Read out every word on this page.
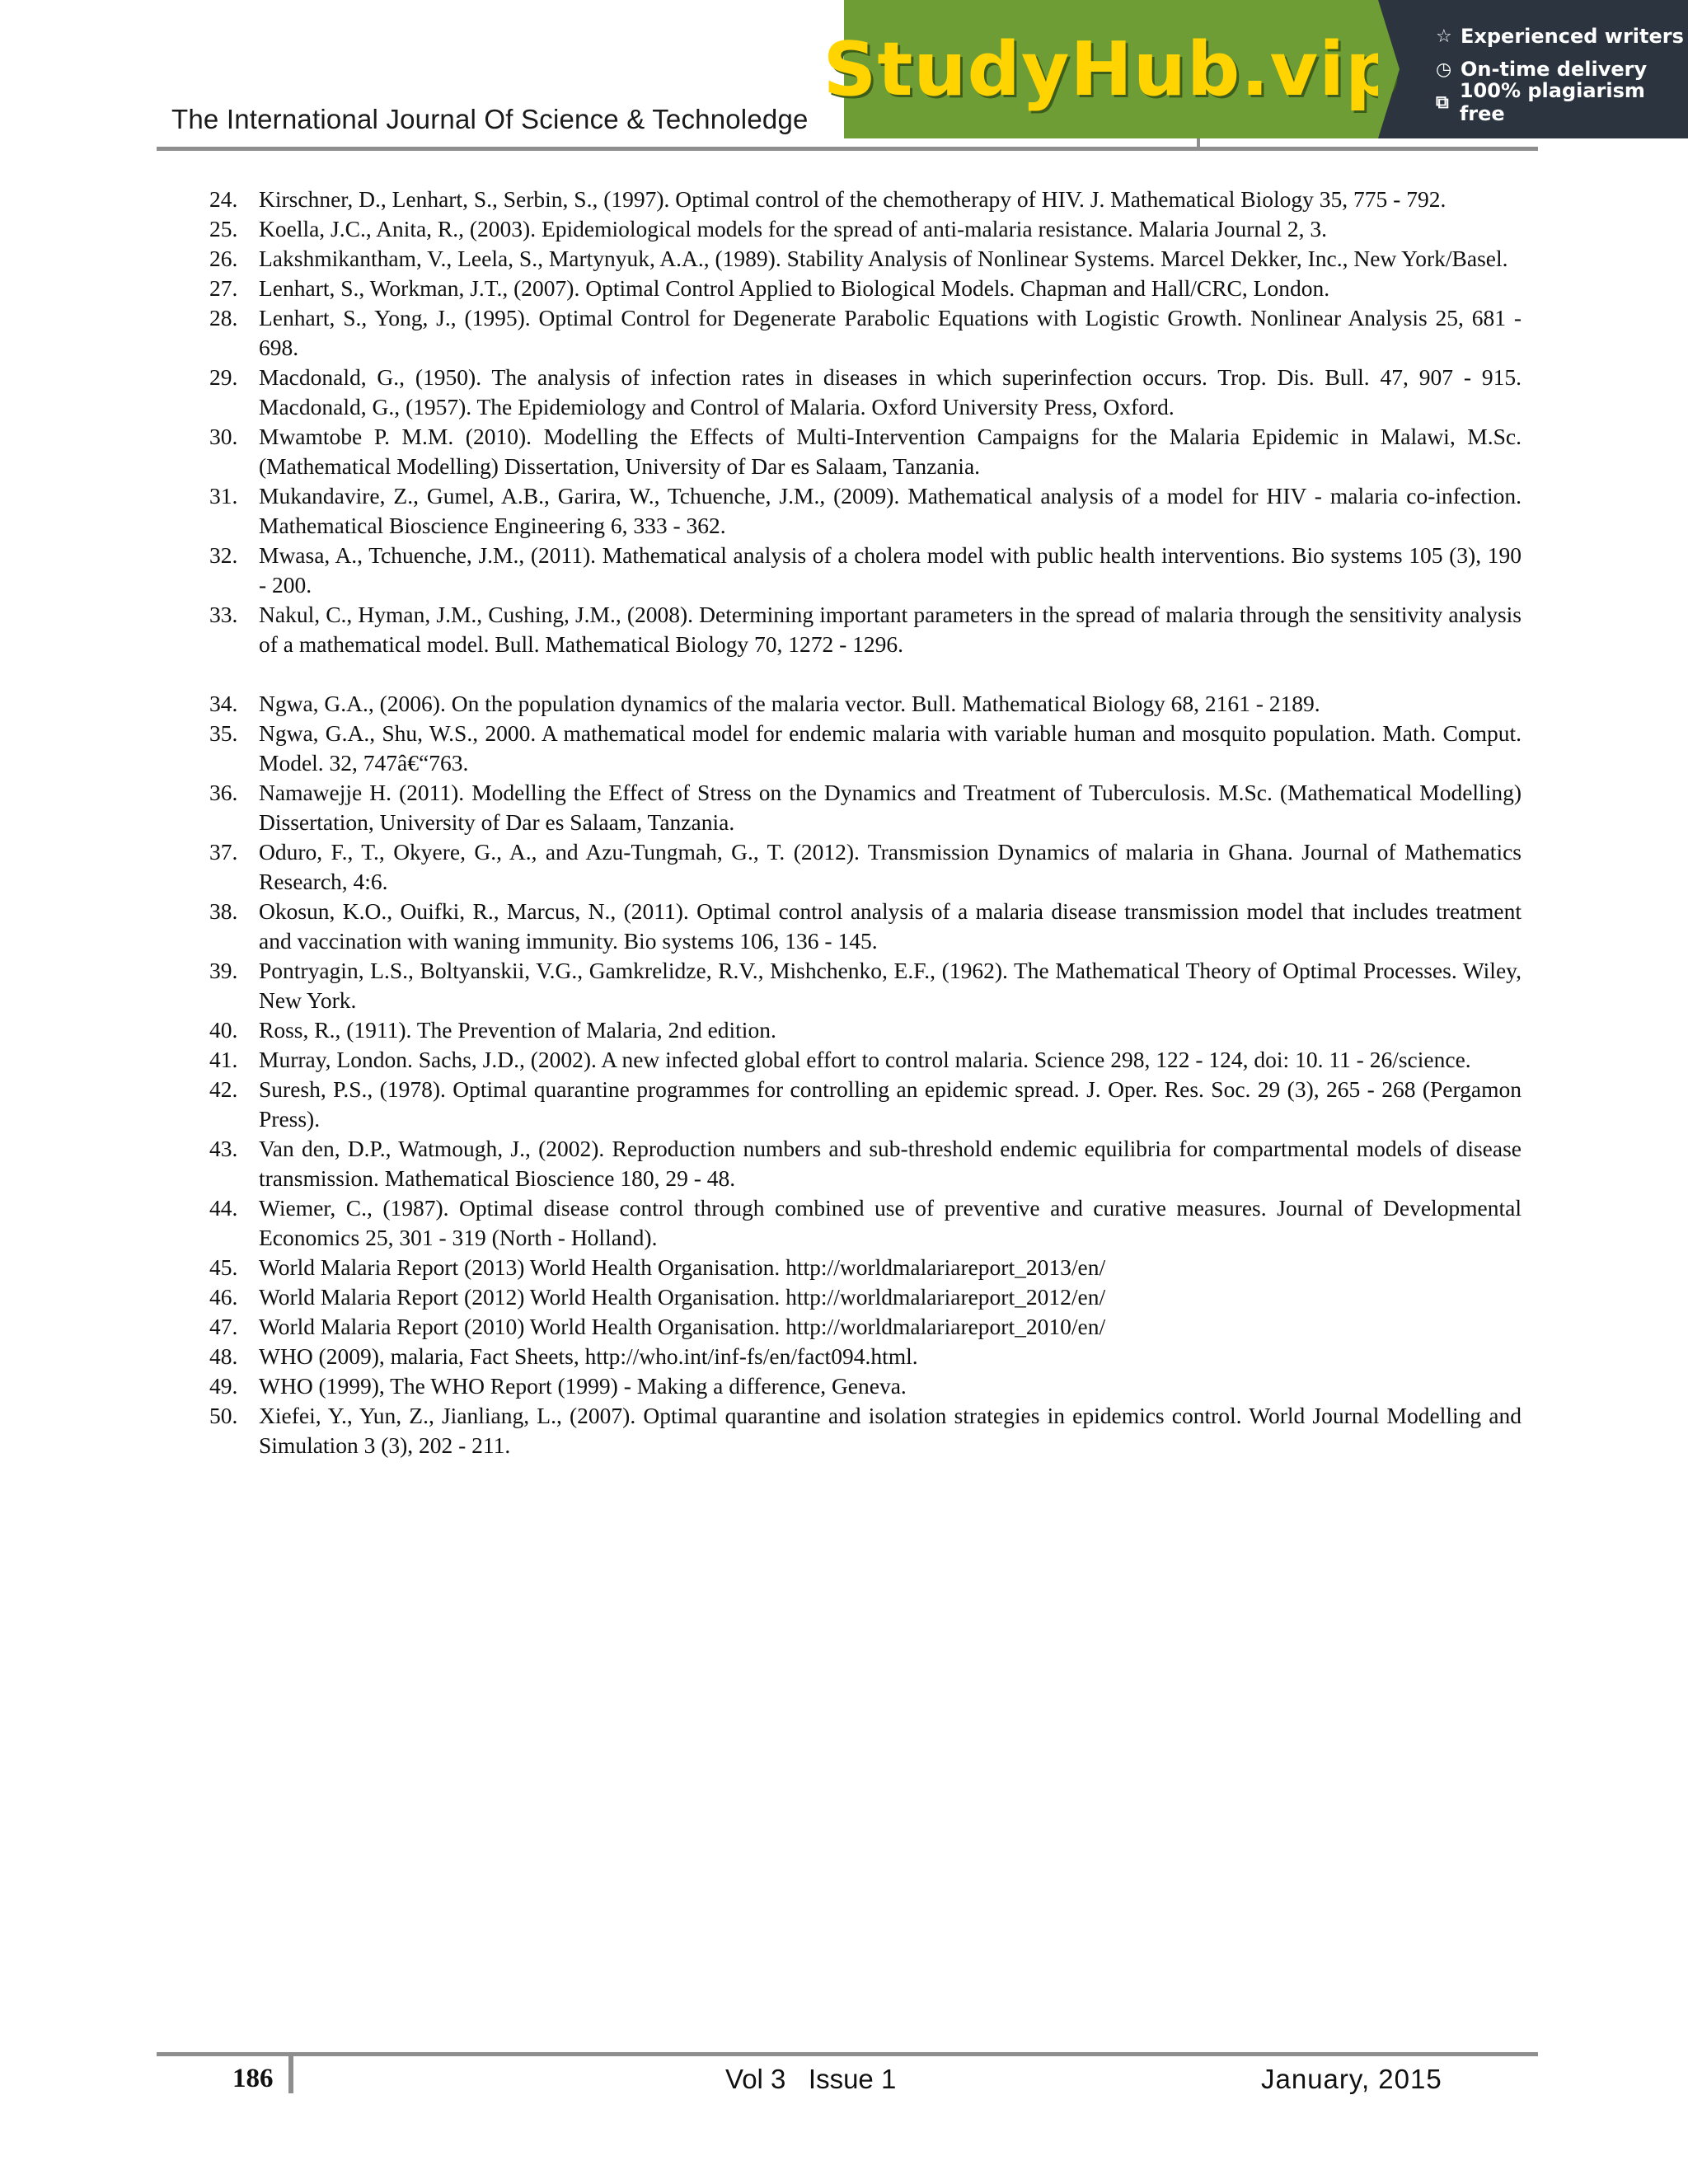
The International Journal Of Science & Technoledge
StudyHub.vip ☆ Experienced writers
◷ On-time delivery
⧉ 100% plagiarism free
24. Kirschner, D., Lenhart, S., Serbin, S., (1997). Optimal control of the chemotherapy of HIV. J. Mathematical Biology 35, 775 - 792.
25. Koella, J.C., Anita, R., (2003). Epidemiological models for the spread of anti-malaria resistance. Malaria Journal 2, 3.
26. Lakshmikantham, V., Leela, S., Martynyuk, A.A., (1989). Stability Analysis of Nonlinear Systems. Marcel Dekker, Inc., New York/Basel.
27. Lenhart, S., Workman, J.T., (2007). Optimal Control Applied to Biological Models. Chapman and Hall/CRC, London.
28. Lenhart, S., Yong, J., (1995). Optimal Control for Degenerate Parabolic Equations with Logistic Growth. Nonlinear Analysis 25, 681 - 698.
29. Macdonald, G., (1950). The analysis of infection rates in diseases in which superinfection occurs. Trop. Dis. Bull. 47, 907 - 915. Macdonald, G., (1957). The Epidemiology and Control of Malaria. Oxford University Press, Oxford.
30. Mwamtobe P. M.M. (2010). Modelling the Effects of Multi-Intervention Campaigns for the Malaria Epidemic in Malawi, M.Sc. (Mathematical Modelling) Dissertation, University of Dar es Salaam, Tanzania.
31. Mukandavire, Z., Gumel, A.B., Garira, W., Tchuenche, J.M., (2009). Mathematical analysis of a model for HIV - malaria co-infection. Mathematical Bioscience Engineering 6, 333 - 362.
32. Mwasa, A., Tchuenche, J.M., (2011). Mathematical analysis of a cholera model with public health interventions. Bio systems 105 (3), 190 - 200.
33. Nakul, C., Hyman, J.M., Cushing, J.M., (2008). Determining important parameters in the spread of malaria through the sensitivity analysis of a mathematical model. Bull. Mathematical Biology 70, 1272 - 1296.
34. Ngwa, G.A., (2006). On the population dynamics of the malaria vector. Bull. Mathematical Biology 68, 2161 - 2189.
35. Ngwa, G.A., Shu, W.S., 2000. A mathematical model for endemic malaria with variable human and mosquito population. Math. Comput. Model. 32, 747â€“763.
36. Namawejje H. (2011). Modelling the Effect of Stress on the Dynamics and Treatment of Tuberculosis. M.Sc. (Mathematical Modelling) Dissertation, University of Dar es Salaam, Tanzania.
37. Oduro, F., T., Okyere, G., A., and Azu-Tungmah, G., T. (2012). Transmission Dynamics of malaria in Ghana. Journal of Mathematics Research, 4:6.
38. Okosun, K.O., Ouifki, R., Marcus, N., (2011). Optimal control analysis of a malaria disease transmission model that includes treatment and vaccination with waning immunity. Bio systems 106, 136 - 145.
39. Pontryagin, L.S., Boltyanskii, V.G., Gamkrelidze, R.V., Mishchenko, E.F., (1962). The Mathematical Theory of Optimal Processes. Wiley, New York.
40. Ross, R., (1911). The Prevention of Malaria, 2nd edition.
41. Murray, London. Sachs, J.D., (2002). A new infected global effort to control malaria. Science 298, 122 - 124, doi: 10. 11 - 26/science.
42. Suresh, P.S., (1978). Optimal quarantine programmes for controlling an epidemic spread. J. Oper. Res. Soc. 29 (3), 265 - 268 (Pergamon Press).
43. Van den, D.P., Watmough, J., (2002). Reproduction numbers and sub-threshold endemic equilibria for compartmental models of disease transmission. Mathematical Bioscience 180, 29 - 48.
44. Wiemer, C., (1987). Optimal disease control through combined use of preventive and curative measures. Journal of Developmental Economics 25, 301 - 319 (North - Holland).
45. World Malaria Report (2013) World Health Organisation. http://worldmalariareport_2013/en/
46. World Malaria Report (2012) World Health Organisation. http://worldmalariareport_2012/en/
47. World Malaria Report (2010) World Health Organisation. http://worldmalariareport_2010/en/
48. WHO (2009), malaria, Fact Sheets, http://who.int/inf-fs/en/fact094.html.
49. WHO (1999), The WHO Report (1999) - Making a difference, Geneva.
50. Xiefei, Y., Yun, Z., Jianliang, L., (2007). Optimal quarantine and isolation strategies in epidemics control. World Journal Modelling and Simulation 3 (3), 202 - 211.
186	Vol 3   Issue 1	January, 2015
